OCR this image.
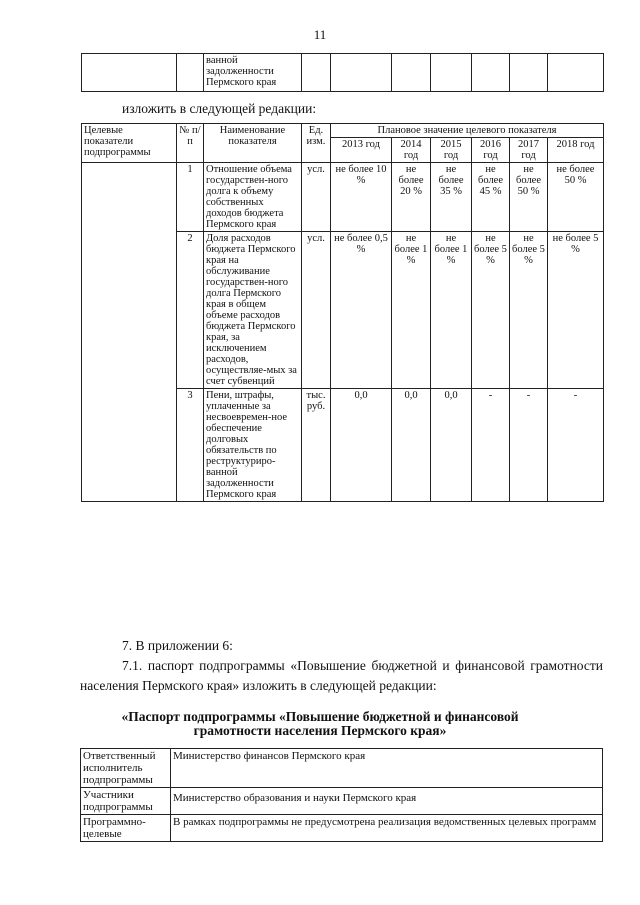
11
		ванной задолженности Пермского края							
изложить в следующей редакции:
Целевые показатели подпрограммы	№ п/п	Наименование показателя	Ед. изм.	Плановое значение целевого показателя					
				2013 год	2014 год	2015 год	2016 год	2017 год	2018 год
	1	Отношение объема государствен-ного долга к объему собственных доходов бюджета Пермского края	усл.	не более 10 %	не более 20 %	не более 35 %	не более 45 %	не более 50 %	не более 50 %
	2	Доля расходов бюджета Пермского края на обслуживание государствен-ного долга Пермского края в общем объеме расходов бюджета Пермского края, за исключением расходов, осуществляе-мых за счет субвенций	усл.	не более 0,5 %	не более 1 %	не более 1 %	не более 5 %	не более 5 %	не более 5 %
	3	Пени, штрафы, уплаченные за несвоевремен-ное обеспечение долговых обязательств по реструктуриро-ванной задолженности Пермского края	тыс. руб.	0,0	0,0	0,0	-	-	-
7. В приложении 6:
7.1. паспорт подпрограммы «Повышение бюджетной и финансовой грамотности населения Пермского края» изложить в следующей редакции:
«Паспорт подпрограммы «Повышение бюджетной и финансовой грамотности населения Пермского края»
Ответственный исполнитель подпрограммы	Министерство финансов Пермского края
Участники подпрограммы	Министерство образования и науки Пермского края
Программно-целевые	В рамках подпрограммы не предусмотрена реализация ведомственных целевых программ
